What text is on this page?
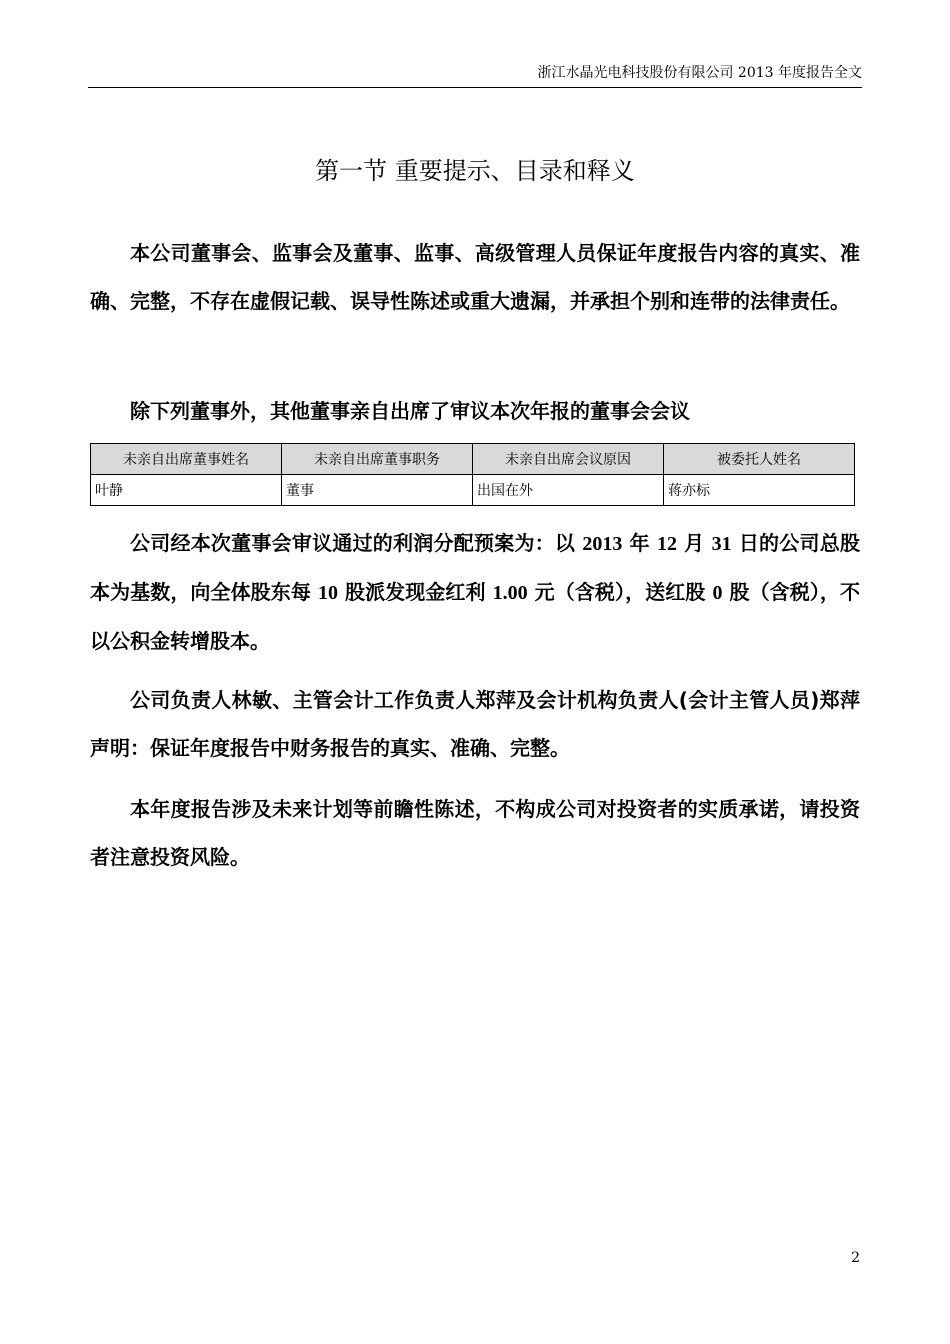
浙江水晶光电科技股份有限公司 2013 年度报告全文
第一节 重要提示、目录和释义
本公司董事会、监事会及董事、监事、高级管理人员保证年度报告内容的真实、准确、完整，不存在虚假记载、误导性陈述或重大遗漏，并承担个别和连带的法律责任。
除下列董事外，其他董事亲自出席了审议本次年报的董事会会议
未亲自出席董事姓名	未亲自出席董事职务	未亲自出席会议原因	被委托人姓名
叶静	董事	出国在外	蒋亦标
公司经本次董事会审议通过的利润分配预案为：以 2013 年 12 月 31 日的公司总股本为基数，向全体股东每 10 股派发现金红利 1.00 元（含税），送红股 0 股（含税），不以公积金转增股本。
公司负责人林敏、主管会计工作负责人郑萍及会计机构负责人(会计主管人员)郑萍声明：保证年度报告中财务报告的真实、准确、完整。
本年度报告涉及未来计划等前瞻性陈述，不构成公司对投资者的实质承诺，请投资者注意投资风险。
2
